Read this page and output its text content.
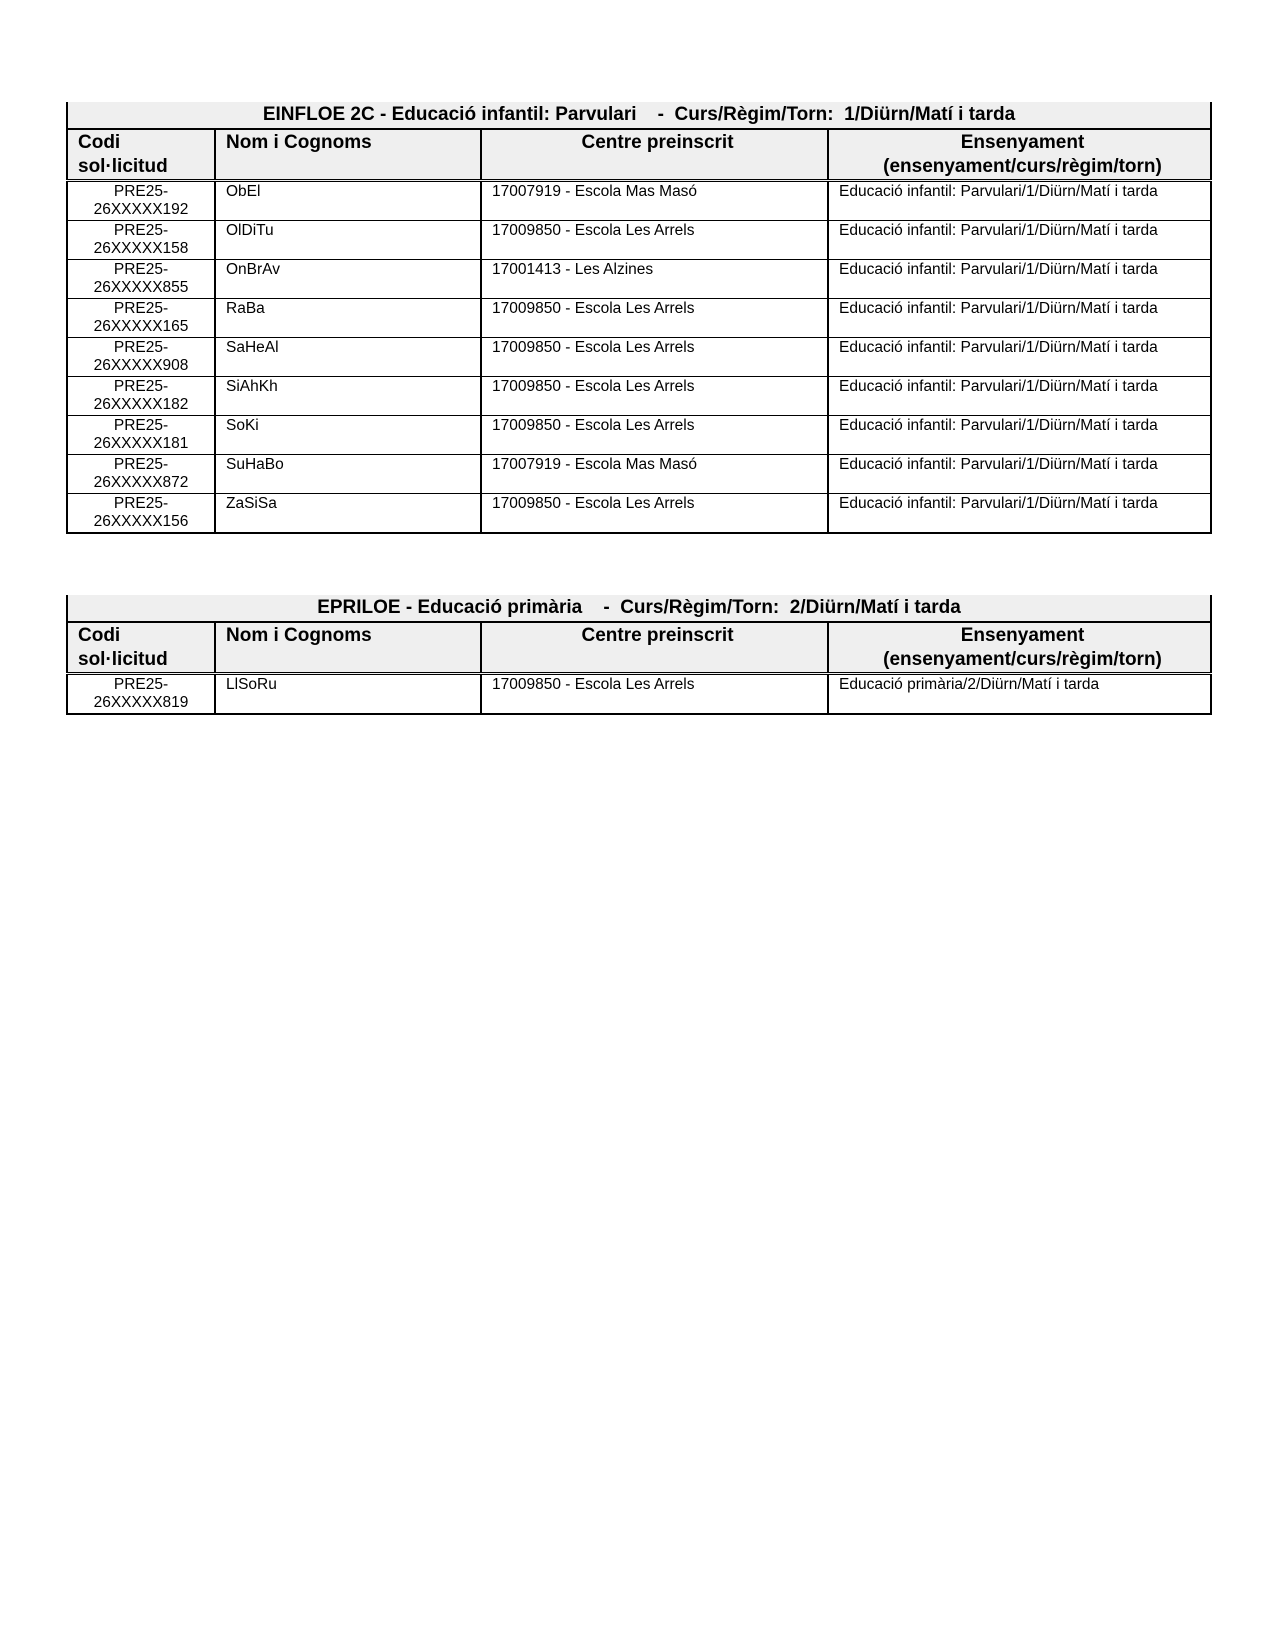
EINFLOE 2C - Educació infantil: Parvulari    -  Curs/Règim/Torn:  1/Diürn/Matí i tarda			
Codi
sol·licitud	Nom i Cognoms	Centre preinscrit	Ensenyament
(ensenyament/curs/règim/torn)
PRE25-
26XXXXX192	ObEl	17007919 - Escola Mas Masó	Educació infantil: Parvulari/1/Diürn/Matí i tarda
PRE25-
26XXXXX158	OlDiTu	17009850 - Escola Les Arrels	Educació infantil: Parvulari/1/Diürn/Matí i tarda
PRE25-
26XXXXX855	OnBrAv	17001413 - Les Alzines	Educació infantil: Parvulari/1/Diürn/Matí i tarda
PRE25-
26XXXXX165	RaBa	17009850 - Escola Les Arrels	Educació infantil: Parvulari/1/Diürn/Matí i tarda
PRE25-
26XXXXX908	SaHeAl	17009850 - Escola Les Arrels	Educació infantil: Parvulari/1/Diürn/Matí i tarda
PRE25-
26XXXXX182	SiAhKh	17009850 - Escola Les Arrels	Educació infantil: Parvulari/1/Diürn/Matí i tarda
PRE25-
26XXXXX181	SoKi	17009850 - Escola Les Arrels	Educació infantil: Parvulari/1/Diürn/Matí i tarda
PRE25-
26XXXXX872	SuHaBo	17007919 - Escola Mas Masó	Educació infantil: Parvulari/1/Diürn/Matí i tarda
PRE25-
26XXXXX156	ZaSiSa	17009850 - Escola Les Arrels	Educació infantil: Parvulari/1/Diürn/Matí i tarda
EPRILOE - Educació primària    -  Curs/Règim/Torn:  2/Diürn/Matí i tarda			
Codi
sol·licitud	Nom i Cognoms	Centre preinscrit	Ensenyament
(ensenyament/curs/règim/torn)
PRE25-
26XXXXX819	LlSoRu	17009850 - Escola Les Arrels	Educació primària/2/Diürn/Matí i tarda
